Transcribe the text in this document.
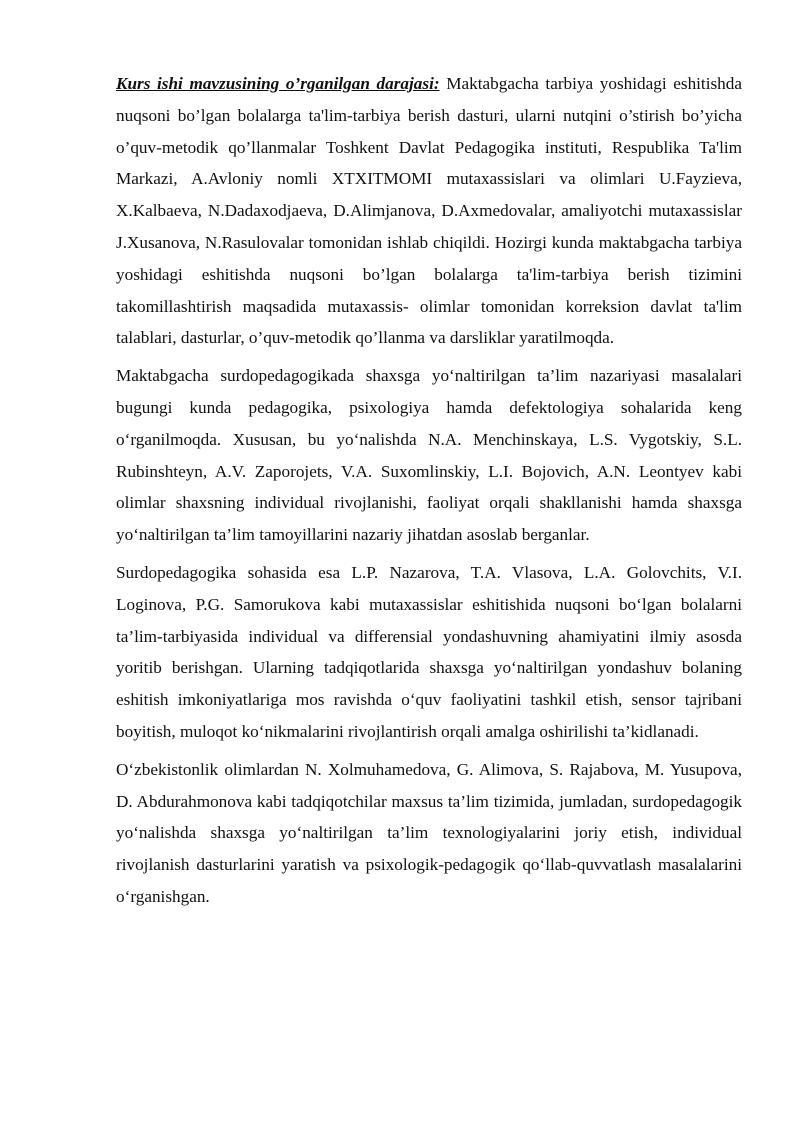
Kurs ishi mavzusining o’rganilgan darajasi: Maktabgacha tarbiya yoshidagi eshitishda nuqsoni bo’lgan bolalarga ta'lim-tarbiya berish dasturi, ularni nutqini o’stirish bo’yicha o’quv-metodik qo’llanmalar Toshkent Davlat Pedagogika instituti, Respublika Ta'lim Markazi, A.Avloniy nomli XTXITMOMI mutaxassislari va olimlari U.Fayzieva, X.Kalbaeva, N.Dadaxodjaeva, D.Alimjanova, D.Axmedovalar, amaliyotchi mutaxassislar J.Xusanova, N.Rasulovalar tomonidan ishlab chiqildi. Hozirgi kunda maktabgacha tarbiya yoshidagi eshitishda nuqsoni bo’lgan bolalarga ta'lim-tarbiya berish tizimini takomillashtirish maqsadida mutaxassis- olimlar tomonidan korreksion davlat ta'lim talablari, dasturlar, o’quv-metodik qo’llanma va darsliklar yaratilmoqda.

Maktabgacha surdopedagogikada shaxsga yo‘naltirilgan ta’lim nazariyasi masalalari bugungi kunda pedagogika, psixologiya hamda defektologiya sohalarida keng o‘rganilmoqda. Xususan, bu yo‘nalishda N.A. Menchinskaya, L.S. Vygotskiy, S.L. Rubinshteyn, A.V. Zaporojets, V.A. Suxomlinskiy, L.I. Bojovich, A.N. Leontyev kabi olimlar shaxsning individual rivojlanishi, faoliyat orqali shakllanishi hamda shaxsga yo‘naltirilgan ta’lim tamoyillarini nazariy jihatdan asoslab berganlar.

Surdopedagogika sohasida esa L.P. Nazarova, T.A. Vlasova, L.A. Golovchits, V.I. Loginova, P.G. Samorukova kabi mutaxassislar eshitishida nuqsoni bo‘lgan bolalarni ta’lim-tarbiyasida individual va differensial yondashuvning ahamiyatini ilmiy asosda yoritib berishgan. Ularning tadqiqotlarida shaxsga yo‘naltirilgan yondashuv bolaning eshitish imkoniyatlariga mos ravishda o‘quv faoliyatini tashkil etish, sensor tajribani boyitish, muloqot ko‘nikmalarini rivojlantirish orqali amalga oshirilishi ta’kidlanadi.

O‘zbekistonlik olimlardan N. Xolmuhamedova, G. Alimova, S. Rajabova, M. Yusupova, D. Abdurahmonova kabi tadqiqotchilar maxsus ta’lim tizimida, jumladan, surdopedagogik yo‘nalishda shaxsga yo‘naltirilgan ta’lim texnologiyalarini joriy etish, individual rivojlanish dasturlarini yaratish va psixologik-pedagogik qo‘llab-quvvatlash masalalarini o‘rganishgan.
